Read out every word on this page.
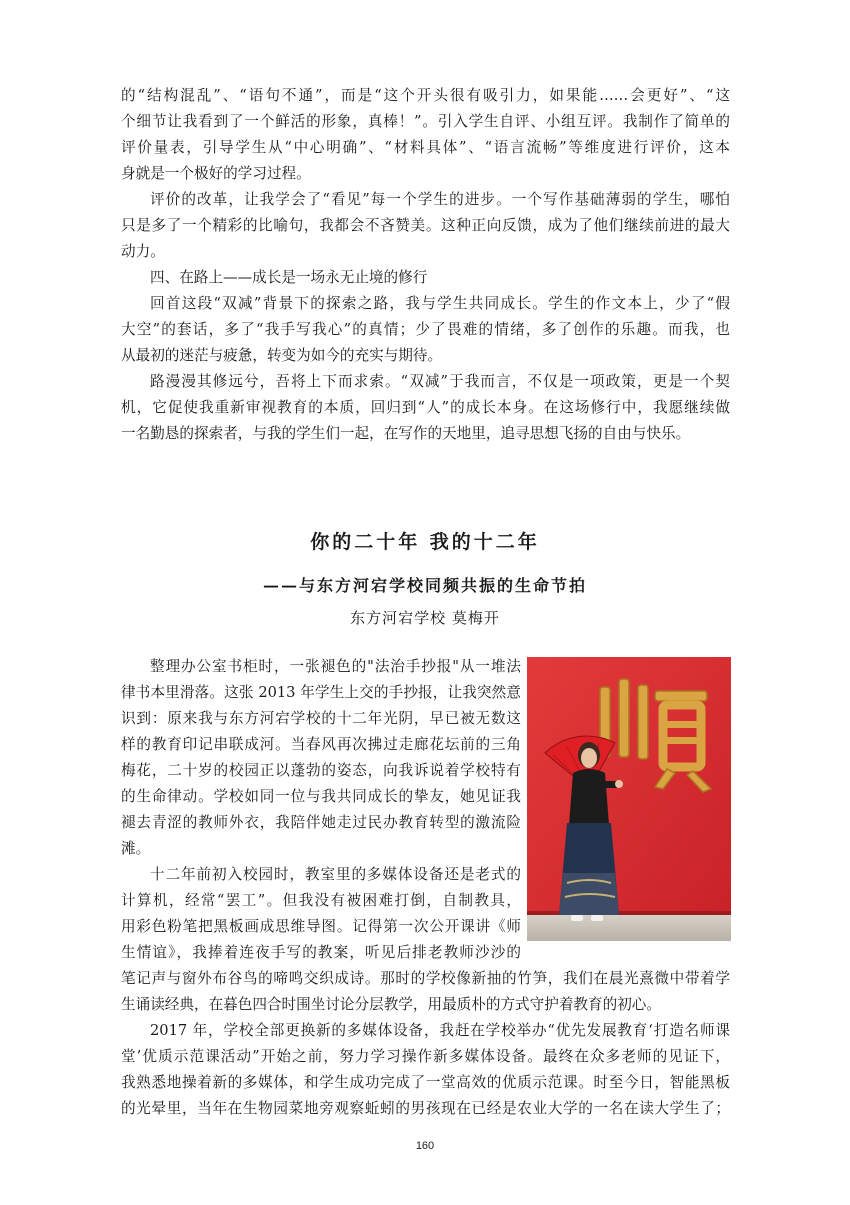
的“结构混乱”、“语句不通”，而是“这个开头很有吸引力，如果能……会更好”、“这
个细节让我看到了一个鲜活的形象，真棒！”。引入学生自评、小组互评。我制作了简单的
评价量表，引导学生从“中心明确”、“材料具体”、“语言流畅”等维度进行评价，这本
身就是一个极好的学习过程。
评价的改革，让我学会了“看见”每一个学生的进步。一个写作基础薄弱的学生，哪怕
只是多了一个精彩的比喻句，我都会不吝赞美。这种正向反馈，成为了他们继续前进的最大
动力。
四、在路上——成长是一场永无止境的修行
回首这段“双减”背景下的探索之路，我与学生共同成长。学生的作文本上，少了“假
大空”的套话，多了“我手写我心”的真情；少了畏难的情绪，多了创作的乐趣。而我，也
从最初的迷茫与疲惫，转变为如今的充实与期待。
路漫漫其修远兮，吾将上下而求索。“双减”于我而言，不仅是一项政策，更是一个契
机，它促使我重新审视教育的本质，回归到“人”的成长本身。在这场修行中，我愿继续做
一名勤恳的探索者，与我的学生们一起，在写作的天地里，追寻思想飞扬的自由与快乐。
你的二十年 我的十二年
——与东方河宕学校同频共振的生命节拍
东方河宕学校 莫梅开
整理办公室书柜时，一张褪色的"法治手抄报"从一堆法
律书本里滑落。这张 2013 年学生上交的手抄报，让我突然意
识到：原来我与东方河宕学校的十二年光阴，早已被无数这
样的教育印记串联成河。当春风再次拂过走廊花坛前的三角
梅花，二十岁的校园正以蓬勃的姿态，向我诉说着学校特有
的生命律动。学校如同一位与我共同成长的挚友，她见证我
褪去青涩的教师外衣，我陪伴她走过民办教育转型的激流险
滩。
十二年前初入校园时，教室里的多媒体设备还是老式的
计算机，经常“罢工”。但我没有被困难打倒，自制教具，
用彩色粉笔把黑板画成思维导图。记得第一次公开课讲《师
生情谊》，我捧着连夜手写的教案，听见后排老教师沙沙的
笔记声与窗外布谷鸟的啼鸣交织成诗。那时的学校像新抽的竹笋，我们在晨光熹微中带着学
生诵读经典，在暮色四合时围坐讨论分层教学，用最质朴的方式守护着教育的初心。
2017 年，学校全部更换新的多媒体设备，我赶在学校举办“优先发展教育‘打造名师课
堂’优质示范课活动”开始之前，努力学习操作新多媒体设备。最终在众多老师的见证下，
我熟悉地操着新的多媒体，和学生成功完成了一堂高效的优质示范课。时至今日，智能黑板
的光晕里，当年在生物园菜地旁观察蚯蚓的男孩现在已经是农业大学的一名在读大学生了；
160
